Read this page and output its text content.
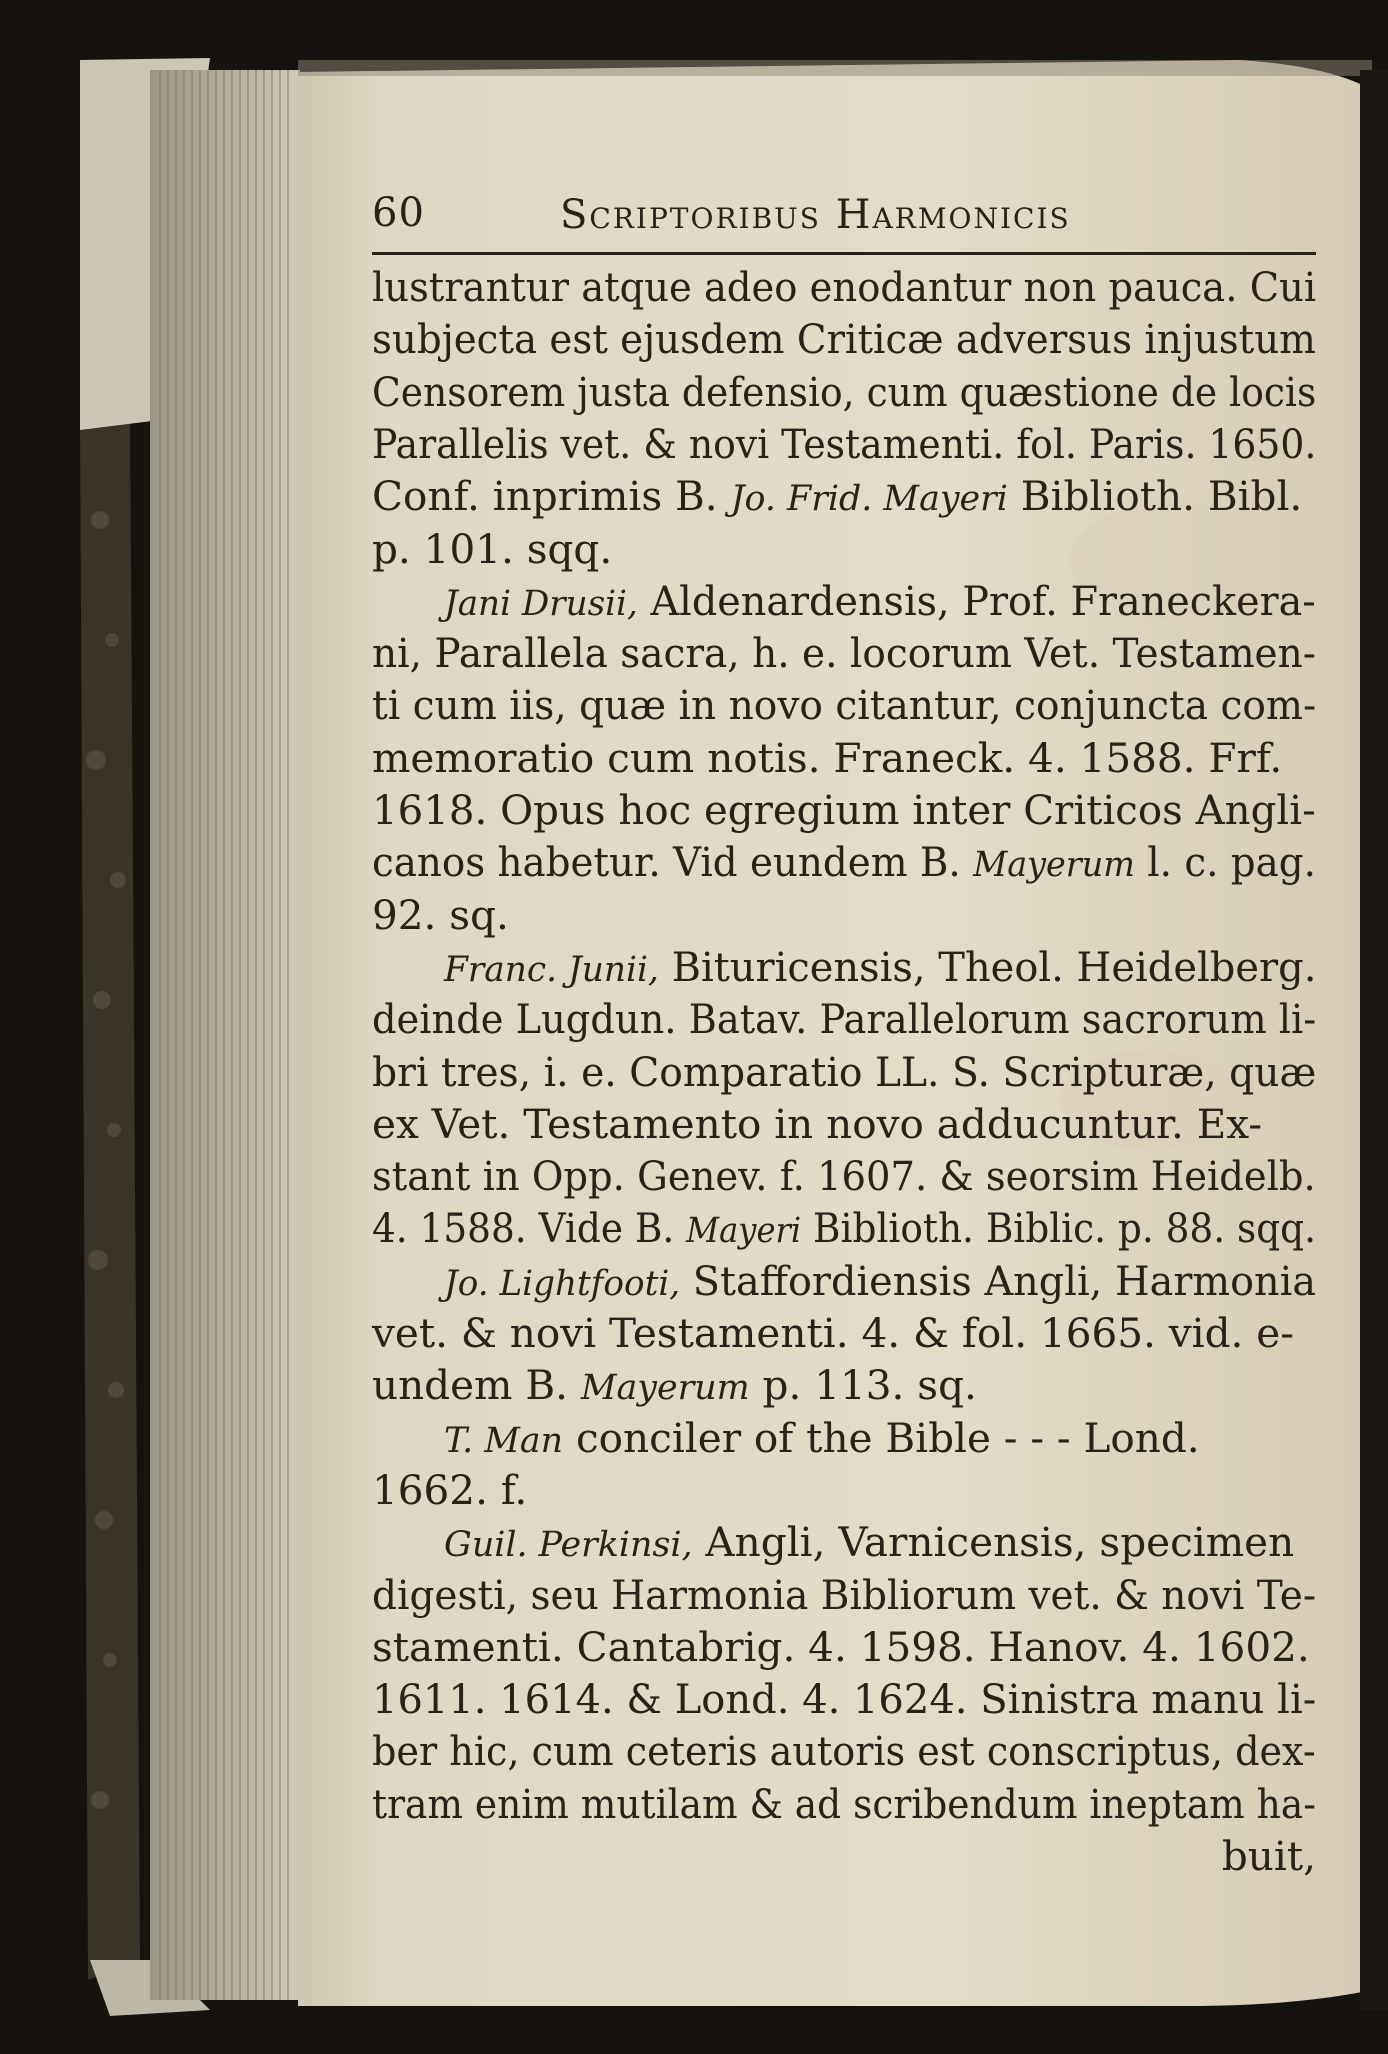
60	Scriptoribus Harmonicis
lustrantur atque adeo enodantur non pauca. Cui
subjecta est ejusdem Criticæ adversus injustum
Censorem justa defensio, cum quæstione de locis
Parallelis vet. & novi Testamenti. fol. Paris. 1650.
Conf. inprimis B. Jo. Frid. Mayeri Biblioth. Bibl.
p. 101. sqq.
Jani Drusii, Aldenardensis, Prof. Franeckera-
ni, Parallela sacra, h. e. locorum Vet. Testamen-
ti cum iis, quæ in novo citantur, conjuncta com-
memoratio cum notis. Franeck. 4. 1588. Frf.
1618. Opus hoc egregium inter Criticos Angli-
canos habetur. Vid eundem B. Mayerum l. c. pag.
92. sq.
Franc. Junii, Bituricensis, Theol. Heidelberg.
deinde Lugdun. Batav. Parallelorum sacrorum li-
bri tres, i. e. Comparatio LL. S. Scripturæ, quæ
ex Vet. Testamento in novo adducuntur. Ex-
stant in Opp. Genev. f. 1607. & seorsim Heidelb.
4. 1588. Vide B. Mayeri Biblioth. Biblic. p. 88. sqq.
Jo. Lightfooti, Staffordiensis Angli, Harmonia
vet. & novi Testamenti. 4. & fol. 1665. vid. e-
undem B. Mayerum p. 113. sq.
T. Man conciler of the Bible - - - Lond.
1662. f.
Guil. Perkinsi, Angli, Varnicensis, specimen
digesti, seu Harmonia Bibliorum vet. & novi Te-
stamenti. Cantabrig. 4. 1598. Hanov. 4. 1602.
1611. 1614. & Lond. 4. 1624. Sinistra manu li-
ber hic, cum ceteris autoris est conscriptus, dex-
tram enim mutilam & ad scribendum ineptam ha-
buit,
